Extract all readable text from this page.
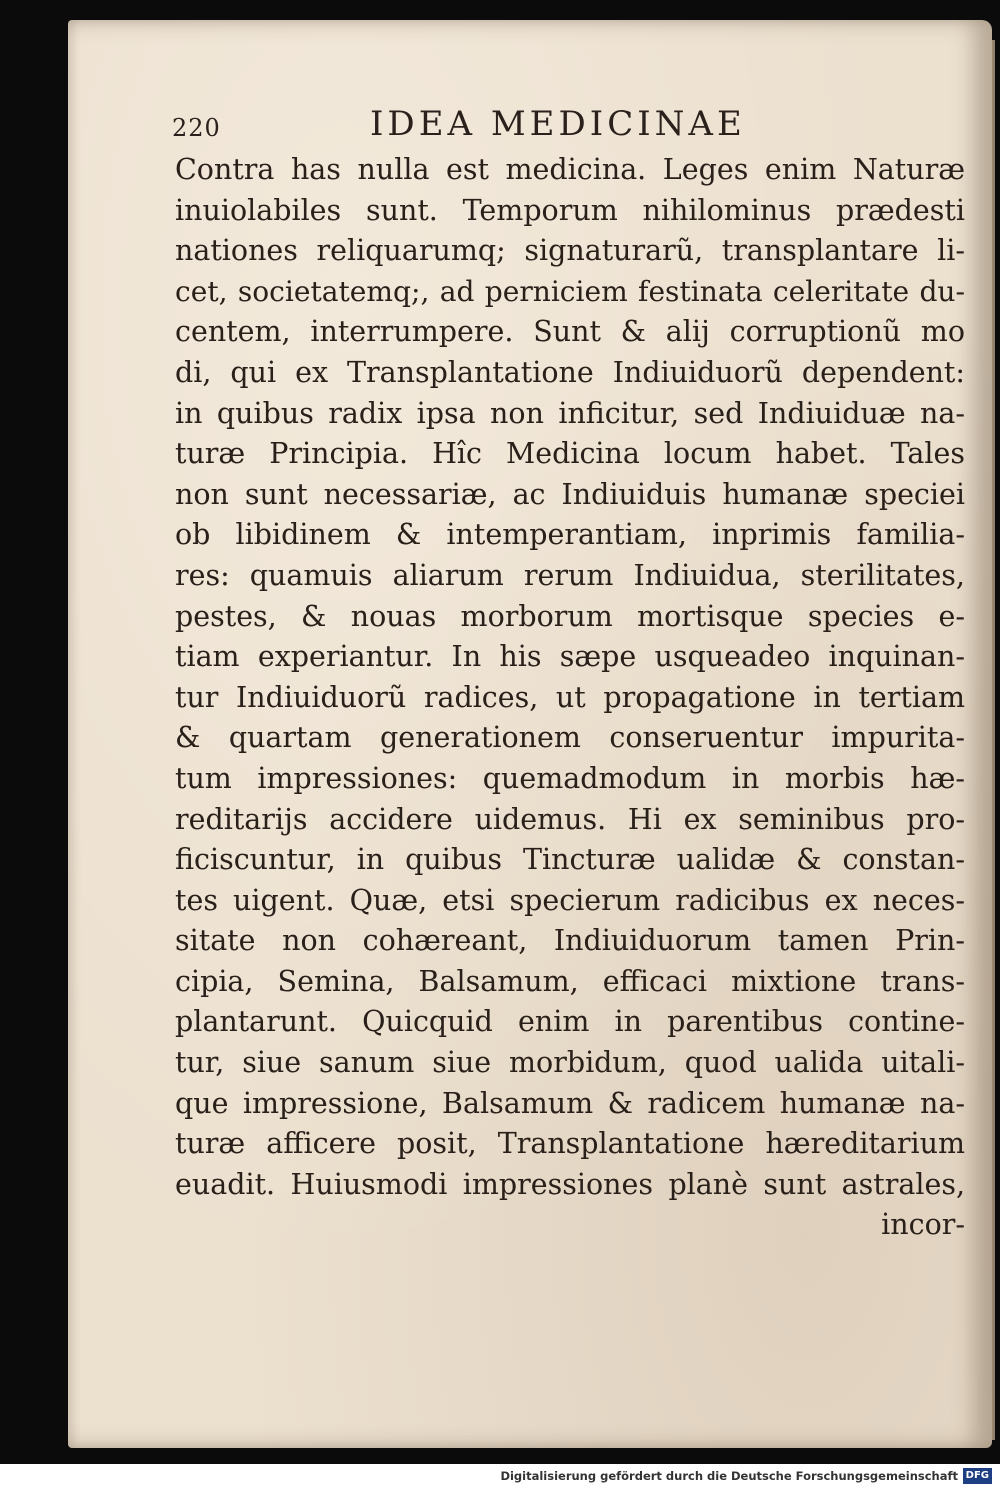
220	IDEA MEDICINAE
Contra has nulla est medicina. Leges enim Naturæ
inuiolabiles sunt. Temporum nihilominus prædesti
nationes reliquarumq; signaturarũ, transplantare li-
cet, societatemq;, ad perniciem festinata celeritate du-
centem, interrumpere. Sunt & alij corruptionũ mo
di, qui ex Transplantatione Indiuiduorũ dependent:
in quibus radix ipsa non inficitur, sed Indiuiduæ na-
turæ Principia. Hîc Medicina locum habet. Tales
non sunt necessariæ, ac Indiuiduis humanæ speciei
ob libidinem & intemperantiam, inprimis familia-
res: quamuis aliarum rerum Indiuidua, sterilitates,
pestes, & nouas morborum mortisque species e-
tiam experiantur. In his sæpe usqueadeo inquinan-
tur Indiuiduorũ radices, ut propagatione in tertiam
& quartam generationem conseruentur impurita-
tum impressiones: quemadmodum in morbis hæ-
reditarijs accidere uidemus. Hi ex seminibus pro-
ficiscuntur, in quibus Tincturæ ualidæ & constan-
tes uigent. Quæ, etsi specierum radicibus ex neces-
sitate non cohæreant, Indiuiduorum tamen Prin-
cipia, Semina, Balsamum, efficaci mixtione trans-
plantarunt. Quicquid enim in parentibus contine-
tur, siue sanum siue morbidum, quod ualida uitali-
que impressione, Balsamum & radicem humanæ na-
turæ afficere posit, Transplantatione hæreditarium
euadit. Huiusmodi impressiones planè sunt astrales,
incor-
Digitalisierung gefördert durch die Deutsche Forschungsgemeinschaft DFG
